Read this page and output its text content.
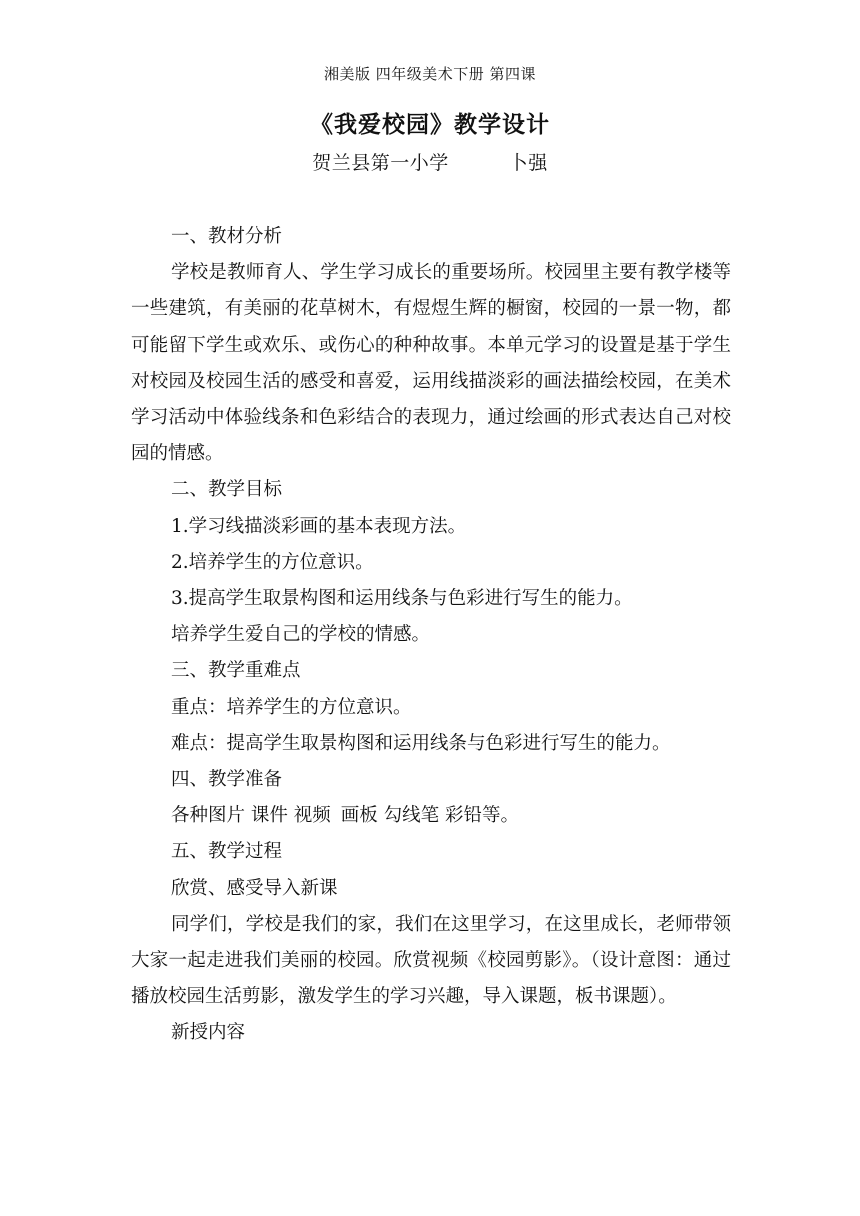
湘美版 四年级美术下册 第四课
《我爱校园》教学设计
贺兰县第一小学	卜强

一、教材分析

学校是教师育人、学生学习成长的重要场所。校园里主要有教学楼等一些建筑，有美丽的花草树木，有煜煜生辉的橱窗，校园的一景一物，都可能留下学生或欢乐、或伤心的种种故事。本单元学习的设置是基于学生对校园及校园生活的感受和喜爱，运用线描淡彩的画法描绘校园，在美术学习活动中体验线条和色彩结合的表现力，通过绘画的形式表达自己对校园的情感。

二、教学目标

1.学习线描淡彩画的基本表现方法。

2.培养学生的方位意识。

3.提高学生取景构图和运用线条与色彩进行写生的能力。

培养学生爱自己的学校的情感。

三、教学重难点

重点：培养学生的方位意识。

难点：提高学生取景构图和运用线条与色彩进行写生的能力。

四、教学准备

各种图片 课件 视频 画板 勾线笔 彩铅等。

五、教学过程

欣赏、感受导入新课

同学们，学校是我们的家，我们在这里学习，在这里成长，老师带领大家一起走进我们美丽的校园。欣赏视频《校园剪影》。（设计意图：通过播放校园生活剪影，激发学生的学习兴趣，导入课题，板书课题）。

新授内容
